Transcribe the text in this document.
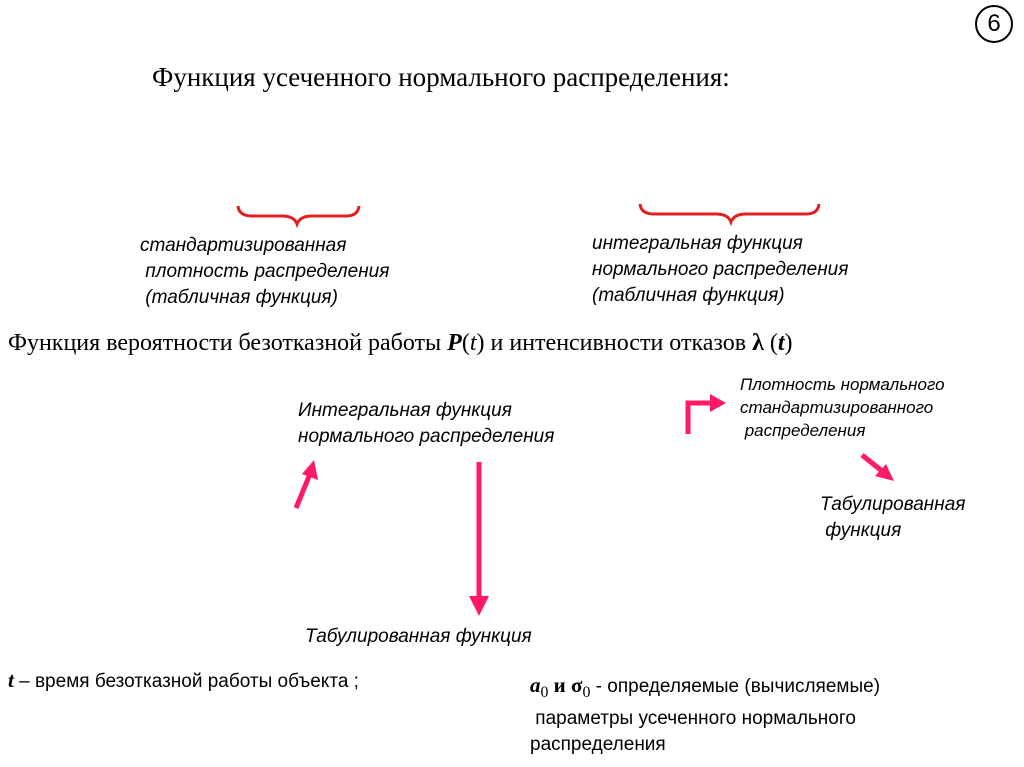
6
Функция усеченного нормального распределения:
стандартизированная
плотность распределения
(табличная функция)
интегральная функция
нормального распределения
(табличная функция)
Функция вероятности безотказной работы P(t) и интенсивности отказов λ (t)
Интегральная функция
нормального распределения
Плотность нормального
стандартизированного
распределения
Табулированная
функция
Табулированная функция
t – время безотказной работы объекта ;	$a_0$ и $\sigma_0$ - определяемые (вычисляемые)
параметры усеченного нормального
распределения
